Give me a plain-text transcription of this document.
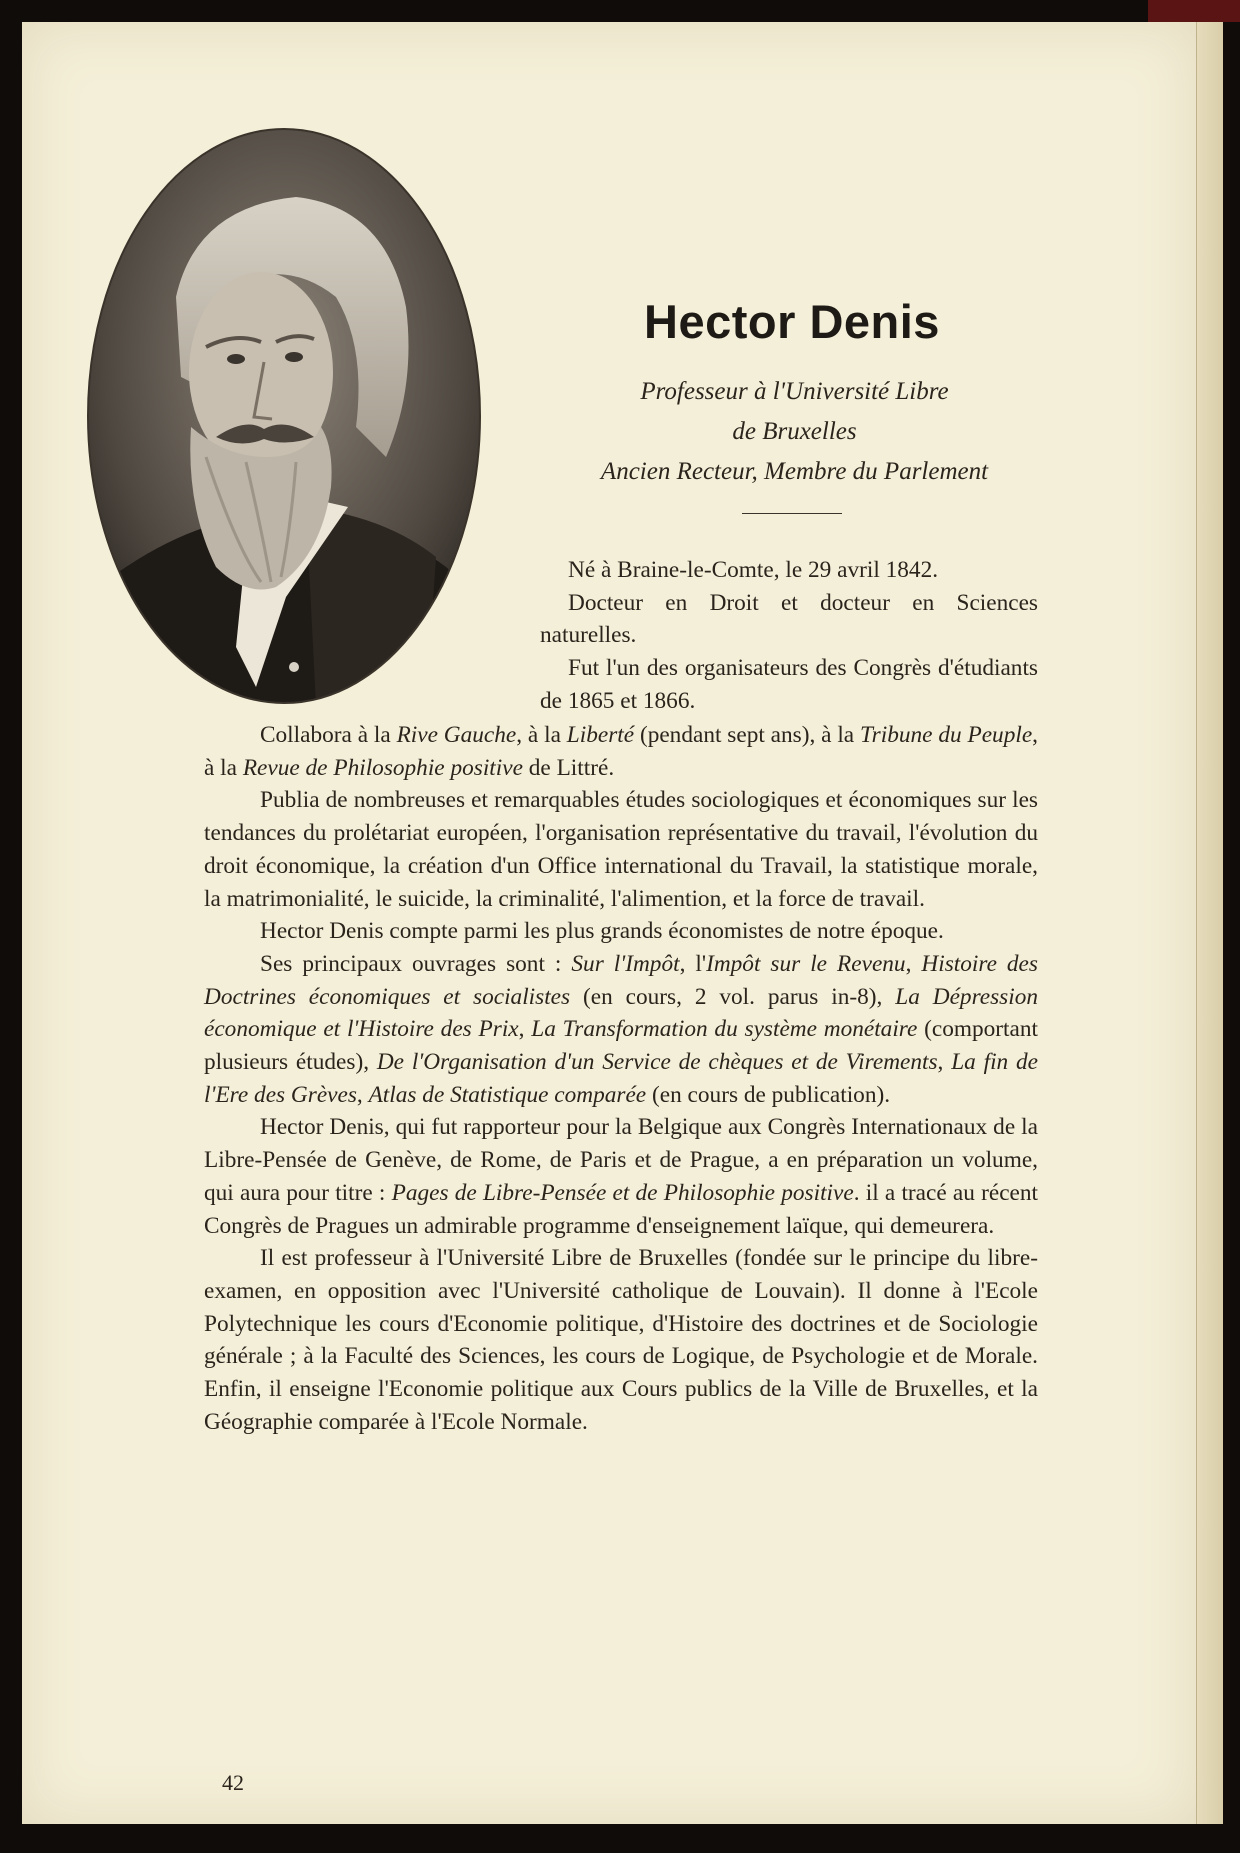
Hector Denis
Professeur à l'Université Libre
de Bruxelles
Ancien Recteur, Membre du Parlement

Né à Braine-le-Comte, le 29 avril 1842.

Docteur en Droit et docteur en Sciences naturelles.

Fut l'un des organisateurs des Congrès d'étudiants de 1865 et 1866.

Collabora à la Rive Gauche, à la Liberté (pendant sept ans), à la Tribune du Peuple, à la Revue de Philosophie positive de Littré.

Publia de nombreuses et remarquables études sociologiques et économiques sur les tendances du prolétariat européen, l'organisation représentative du travail, l'évolution du droit économique, la création d'un Office international du Travail, la statistique morale, la matrimonialité, le suicide, la criminalité, l'alimention, et la force de travail.

Hector Denis compte parmi les plus grands économistes de notre époque.

Ses principaux ouvrages sont : Sur l'Impôt, l'Impôt sur le Revenu, Histoire des Doctrines économiques et socialistes (en cours, 2 vol. parus in-8), La Dépression économique et l'Histoire des Prix, La Transformation du système monétaire (comportant plusieurs études), De l'Organisation d'un Service de chèques et de Virements, La fin de l'Ere des Grèves, Atlas de Statistique comparée (en cours de publication).

Hector Denis, qui fut rapporteur pour la Belgique aux Congrès Internationaux de la Libre-Pensée de Genève, de Rome, de Paris et de Prague, a en préparation un volume, qui aura pour titre : Pages de Libre-Pensée et de Philosophie positive. il a tracé au récent Congrès de Pragues un admirable programme d'enseignement laïque, qui demeurera.

Il est professeur à l'Université Libre de Bruxelles (fondée sur le principe du libre-examen, en opposition avec l'Université catholique de Louvain). Il donne à l'Ecole Polytechnique les cours d'Economie politique, d'Histoire des doctrines et de Sociologie générale ; à la Faculté des Sciences, les cours de Logique, de Psychologie et de Morale. Enfin, il enseigne l'Economie politique aux Cours publics de la Ville de Bruxelles, et la Géographie comparée à l'Ecole Normale.

42
